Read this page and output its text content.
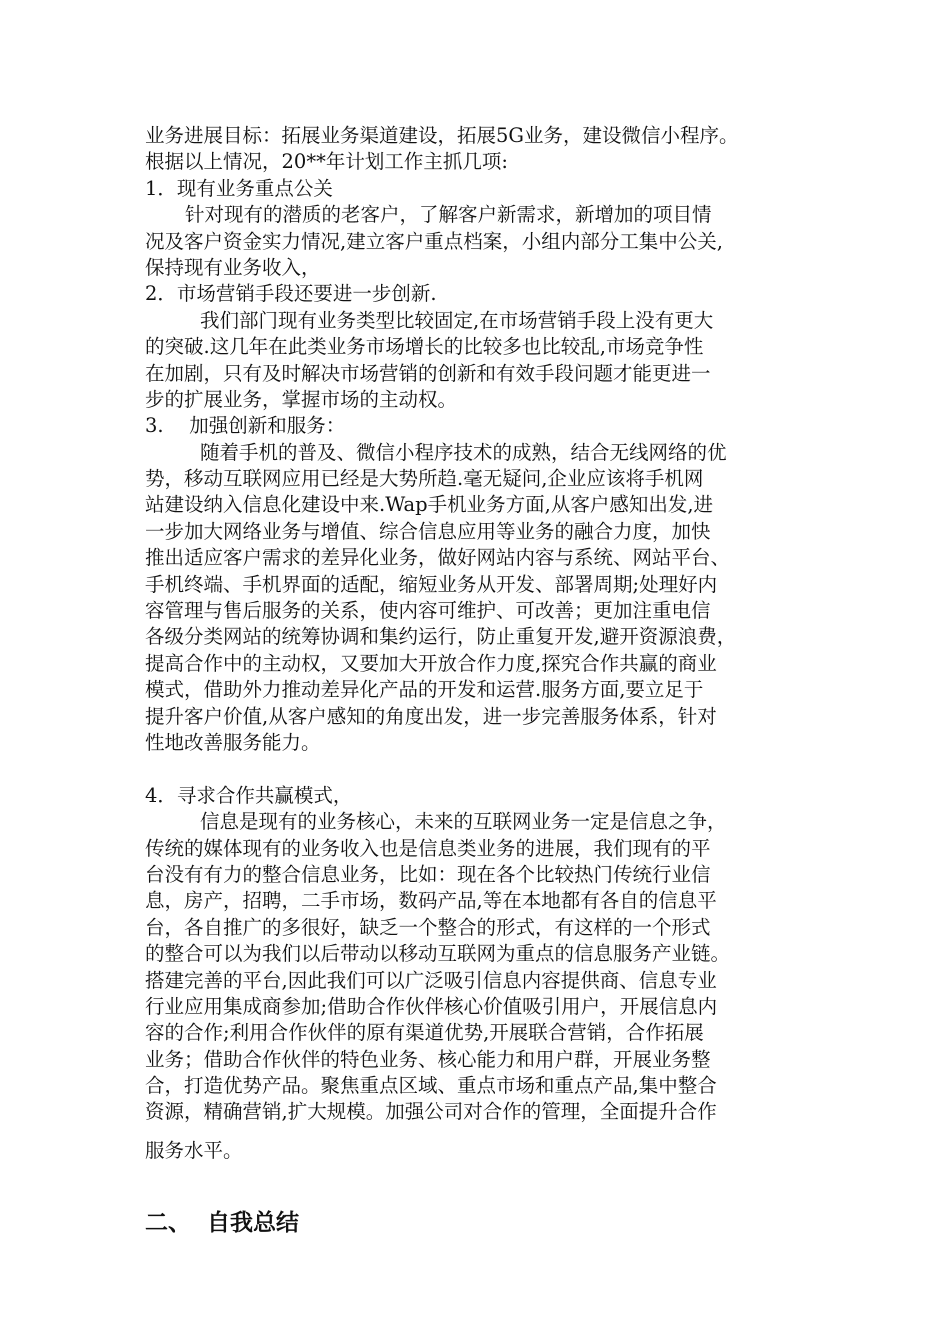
业务进展目标：拓展业务渠道建设，拓展5G业务，建设微信小程序。

根据以上情况，20**年计划工作主抓几项:

1．现有业务重点公关

针对现有的潜质的老客户，了解客户新需求，新增加的项目情

况及客户资金实力情况,建立客户重点档案，小组内部分工集中公关,

保持现有业务收入，

2．市场营销手段还要进一步创新.

我们部门现有业务类型比较固定,在市场营销手段上没有更大

的突破.这几年在此类业务市场增长的比较多也比较乱,市场竞争性

在加剧，只有及时解决市场营销的创新和有效手段问题才能更进一

步的扩展业务，掌握市场的主动权。

3.　 加强创新和服务：

随着手机的普及、微信小程序技术的成熟，结合无线网络的优

势，移动互联网应用已经是大势所趋.毫无疑问,企业应该将手机网

站建设纳入信息化建设中来.Wap手机业务方面,从客户感知出发,进

一步加大网络业务与增值、综合信息应用等业务的融合力度，加快

推出适应客户需求的差异化业务，做好网站内容与系统、网站平台、

手机终端、手机界面的适配，缩短业务从开发、部署周期;处理好内

容管理与售后服务的关系，使内容可维护、可改善；更加注重电信

各级分类网站的统筹协调和集约运行，防止重复开发,避开资源浪费，

提高合作中的主动权，又要加大开放合作力度,探究合作共赢的商业

模式，借助外力推动差异化产品的开发和运营.服务方面,要立足于

提升客户价值,从客户感知的角度出发，进一步完善服务体系，针对

性地改善服务能力。

4．寻求合作共赢模式，

信息是现有的业务核心，未来的互联网业务一定是信息之争，

传统的媒体现有的业务收入也是信息类业务的进展，我们现有的平

台没有有力的整合信息业务，比如：现在各个比较热门传统行业信

息，房产，招聘，二手市场，数码产品,等在本地都有各自的信息平

台，各自推广的多很好，缺乏一个整合的形式，有这样的一个形式

的整合可以为我们以后带动以移动互联网为重点的信息服务产业链。

搭建完善的平台,因此我们可以广泛吸引信息内容提供商、信息专业

行业应用集成商参加;借助合作伙伴核心价值吸引用户，开展信息内

容的合作;利用合作伙伴的原有渠道优势,开展联合营销，合作拓展

业务；借助合作伙伴的特色业务、核心能力和用户群，开展业务整

合，打造优势产品。聚焦重点区域、重点市场和重点产品,集中整合

资源，精确营销,扩大规模。加强公司对合作的管理，全面提升合作

服务水平。

二、 自我总结
